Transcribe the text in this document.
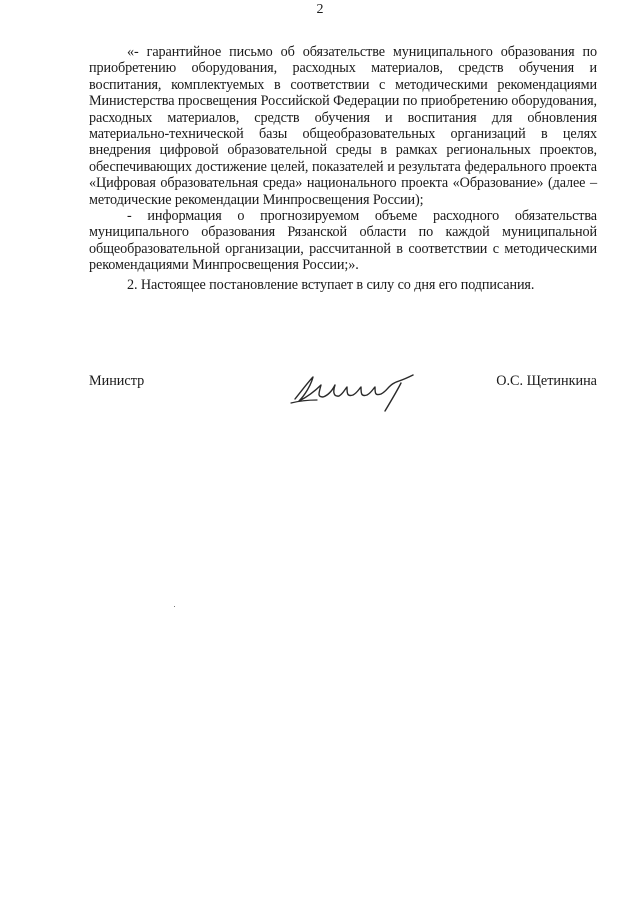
2

«- гарантийное письмо об обязательстве муниципального образования по приобретению оборудования, расходных материалов, средств обучения и воспитания, комплектуемых в соответствии с методическими рекомендациями Министерства просвещения Российской Федерации по приобретению оборудования, расходных материалов, средств обучения и воспитания для обновления материально-технической базы общеобразовательных организаций в целях внедрения цифровой образовательной среды в рамках региональных проектов, обеспечивающих достижение целей, показателей и результата федерального проекта «Цифровая образовательная среда» национального проекта «Образование» (далее – методические рекомендации Минпросвещения России);

- информация о прогнозируемом объеме расходного обязательства муниципального образования Рязанской области по каждой муниципальной общеобразовательной организации, рассчитанной в соответствии с методическими рекомендациями Минпросвещения России;».

2. Настоящее постановление вступает в силу со дня его подписания.

Министр	О.С. Щетинкина
